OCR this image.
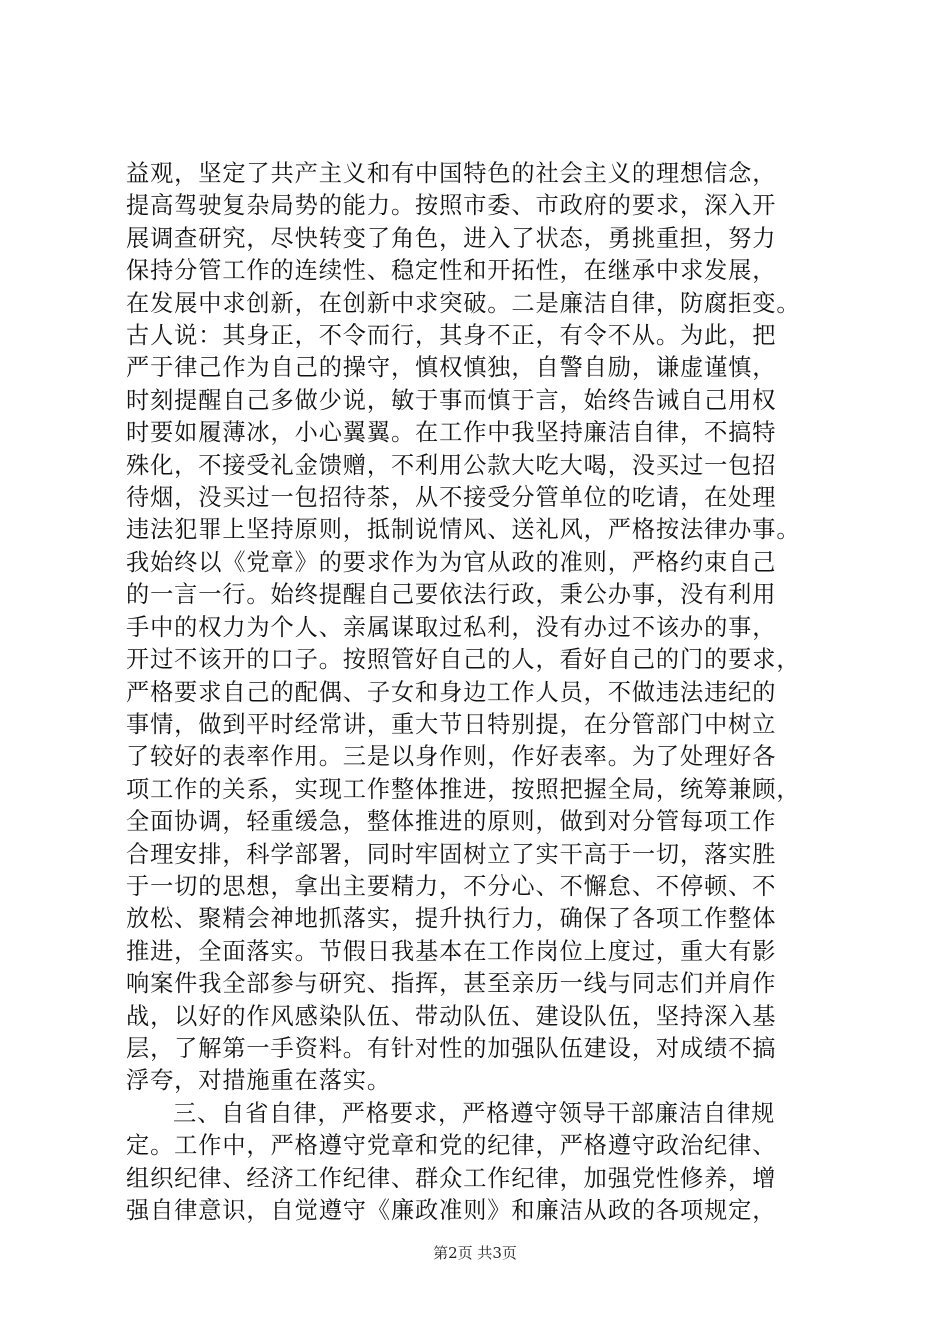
益观，坚定了共产主义和有中国特色的社会主义的理想信念，
提高驾驶复杂局势的能力。按照市委、市政府的要求，深入开
展调查研究，尽快转变了角色，进入了状态，勇挑重担，努力
保持分管工作的连续性、稳定性和开拓性，在继承中求发展，
在发展中求创新，在创新中求突破。二是廉洁自律，防腐拒变。
古人说：其身正，不令而行，其身不正，有令不从。为此，把
严于律己作为自己的操守，慎权慎独，自警自励，谦虚谨慎，
时刻提醒自己多做少说，敏于事而慎于言，始终告诫自己用权
时要如履薄冰，小心翼翼。在工作中我坚持廉洁自律，不搞特
殊化，不接受礼金馈赠，不利用公款大吃大喝，没买过一包招
待烟，没买过一包招待茶，从不接受分管单位的吃请，在处理
违法犯罪上坚持原则，抵制说情风、送礼风，严格按法律办事。
我始终以《党章》的要求作为为官从政的准则，严格约束自己
的一言一行。始终提醒自己要依法行政，秉公办事，没有利用
手中的权力为个人、亲属谋取过私利，没有办过不该办的事，
开过不该开的口子。按照管好自己的人，看好自己的门的要求，
严格要求自己的配偶、子女和身边工作人员，不做违法违纪的
事情，做到平时经常讲，重大节日特别提，在分管部门中树立
了较好的表率作用。三是以身作则，作好表率。为了处理好各
项工作的关系，实现工作整体推进，按照把握全局，统筹兼顾，
全面协调，轻重缓急，整体推进的原则，做到对分管每项工作
合理安排，科学部署，同时牢固树立了实干高于一切，落实胜
于一切的思想，拿出主要精力，不分心、不懈怠、不停顿、不
放松、聚精会神地抓落实，提升执行力，确保了各项工作整体
推进，全面落实。节假日我基本在工作岗位上度过，重大有影
响案件我全部参与研究、指挥，甚至亲历一线与同志们并肩作
战，以好的作风感染队伍、带动队伍、建设队伍，坚持深入基
层，了解第一手资料。有针对性的加强队伍建设，对成绩不搞
浮夸，对措施重在落实。
三、自省自律，严格要求，严格遵守领导干部廉洁自律规
定。工作中，严格遵守党章和党的纪律，严格遵守政治纪律、
组织纪律、经济工作纪律、群众工作纪律，加强党性修养，增
强自律意识，自觉遵守《廉政准则》和廉洁从政的各项规定，
第2页 共3页
